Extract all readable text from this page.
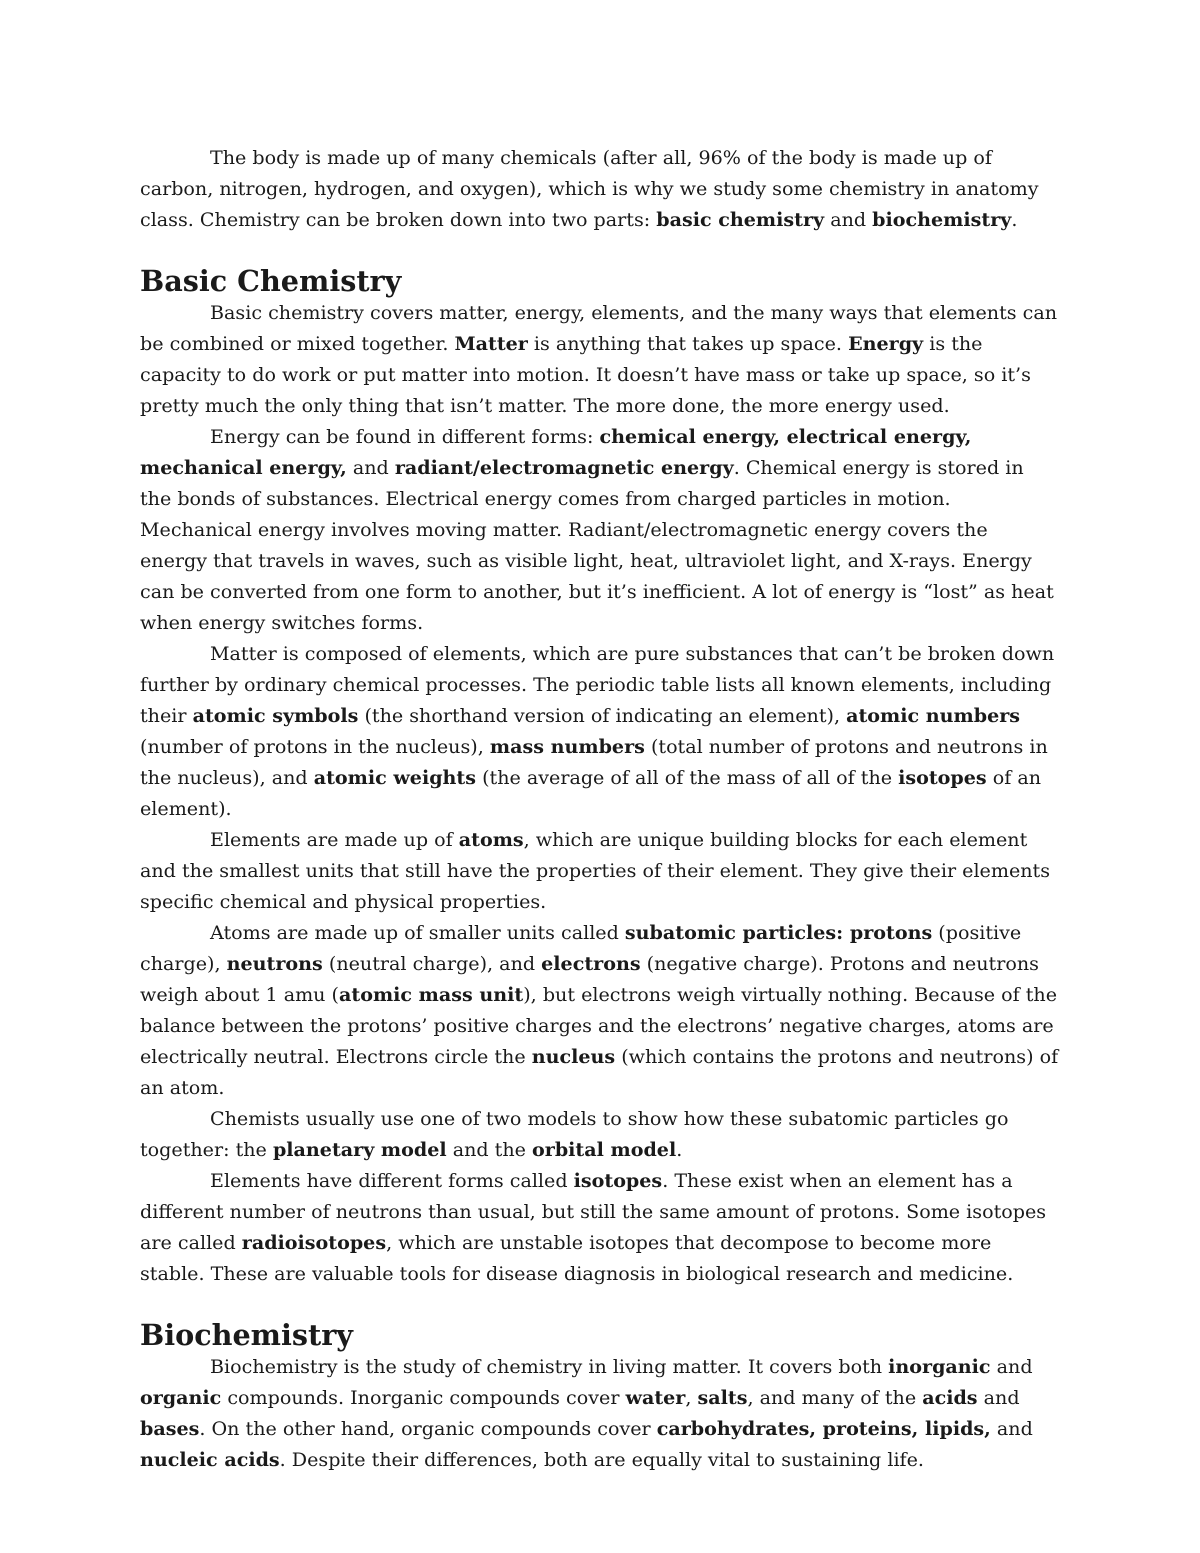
The body is made up of many chemicals (after all, 96% of the body is made up of carbon, nitrogen, hydrogen, and oxygen), which is why we study some chemistry in anatomy class. Chemistry can be broken down into two parts: basic chemistry and biochemistry.

Basic Chemistry

Basic chemistry covers matter, energy, elements, and the many ways that elements can be combined or mixed together. Matter is anything that takes up space. Energy is the capacity to do work or put matter into motion. It doesn’t have mass or take up space, so it’s pretty much the only thing that isn’t matter. The more done, the more energy used.

Energy can be found in different forms: chemical energy, electrical energy, mechanical energy, and radiant/electromagnetic energy. Chemical energy is stored in the bonds of substances. Electrical energy comes from charged particles in motion. Mechanical energy involves moving matter. Radiant/electromagnetic energy covers the energy that travels in waves, such as visible light, heat, ultraviolet light, and X-rays. Energy can be converted from one form to another, but it’s inefficient. A lot of energy is “lost” as heat when energy switches forms.

Matter is composed of elements, which are pure substances that can’t be broken down further by ordinary chemical processes. The periodic table lists all known elements, including their atomic symbols (the shorthand version of indicating an element), atomic numbers (number of protons in the nucleus), mass numbers (total number of protons and neutrons in the nucleus), and atomic weights (the average of all of the mass of all of the isotopes of an element).

Elements are made up of atoms, which are unique building blocks for each element and the smallest units that still have the properties of their element. They give their elements specific chemical and physical properties.

Atoms are made up of smaller units called subatomic particles: protons (positive charge), neutrons (neutral charge), and electrons (negative charge). Protons and neutrons weigh about 1 amu (atomic mass unit), but electrons weigh virtually nothing. Because of the balance between the protons’ positive charges and the electrons’ negative charges, atoms are electrically neutral. Electrons circle the nucleus (which contains the protons and neutrons) of an atom.

Chemists usually use one of two models to show how these subatomic particles go together: the planetary model and the orbital model.

Elements have different forms called isotopes. These exist when an element has a different number of neutrons than usual, but still the same amount of protons. Some isotopes are called radioisotopes, which are unstable isotopes that decompose to become more stable. These are valuable tools for disease diagnosis in biological research and medicine.

Biochemistry

Biochemistry is the study of chemistry in living matter. It covers both inorganic and organic compounds. Inorganic compounds cover water, salts, and many of the acids and bases. On the other hand, organic compounds cover carbohydrates, proteins, lipids, and nucleic acids. Despite their differences, both are equally vital to sustaining life.
